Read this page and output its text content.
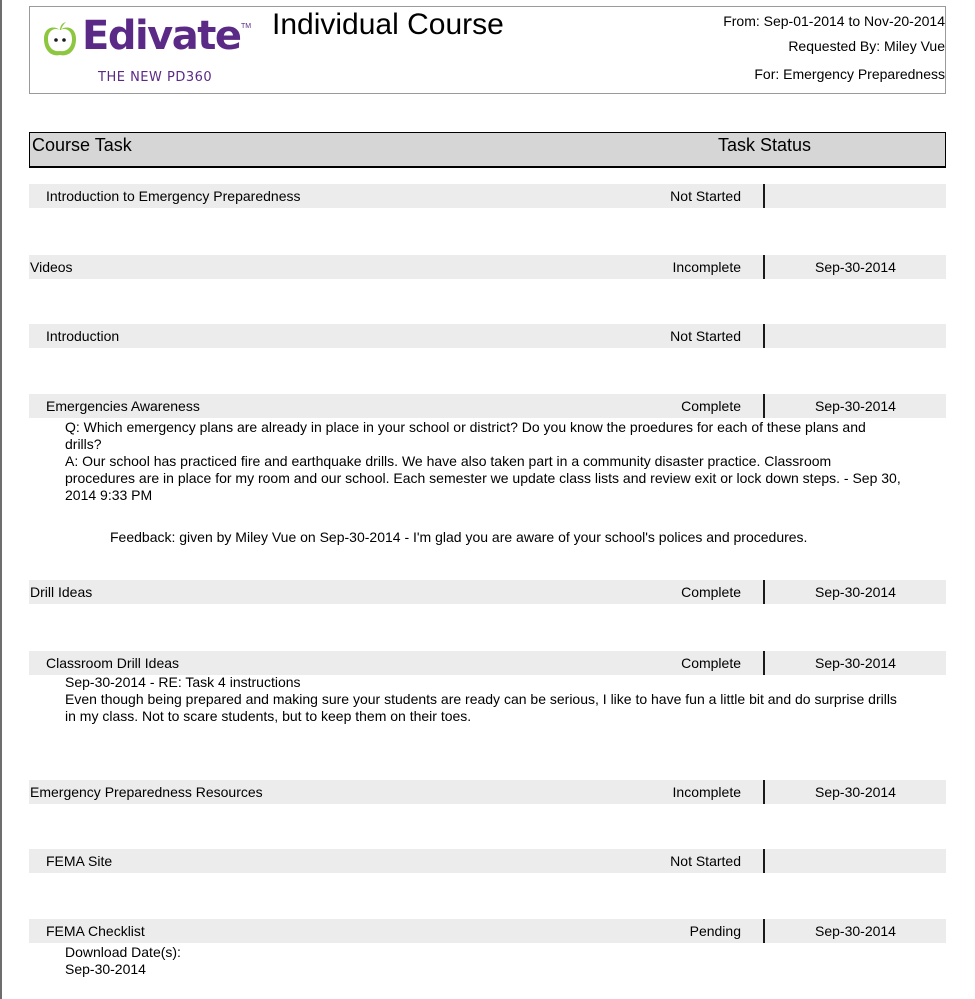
Edivate TM
THE NEW PD360
Individual Course	From: Sep-01-2014 to Nov-20-2014
Requested By: Miley Vue
For: Emergency Preparedness
Course Task	Task Status
Introduction to Emergency Preparedness	Not Started
Videos	Incomplete	Sep-30-2014
Introduction	Not Started
Emergencies Awareness	Complete	Sep-30-2014
Q: Which emergency plans are already in place in your school or district? Do you know the proedures for each of these plans and
drills?
A: Our school has practiced fire and earthquake drills. We have also taken part in a community disaster practice. Classroom
procedures are in place for my room and our school. Each semester we update class lists and review exit or lock down steps. - Sep 30,
2014 9:33 PM
Feedback: given by Miley Vue on Sep-30-2014 - I'm glad you are aware of your school's polices and procedures.
Drill Ideas	Complete	Sep-30-2014
Classroom Drill Ideas	Complete	Sep-30-2014
Sep-30-2014 - RE: Task 4 instructions
Even though being prepared and making sure your students are ready can be serious, I like to have fun a little bit and do surprise drills
in my class. Not to scare students, but to keep them on their toes.
Emergency Preparedness Resources	Incomplete	Sep-30-2014
FEMA Site	Not Started
FEMA Checklist	Pending	Sep-30-2014
Download Date(s):
Sep-30-2014
